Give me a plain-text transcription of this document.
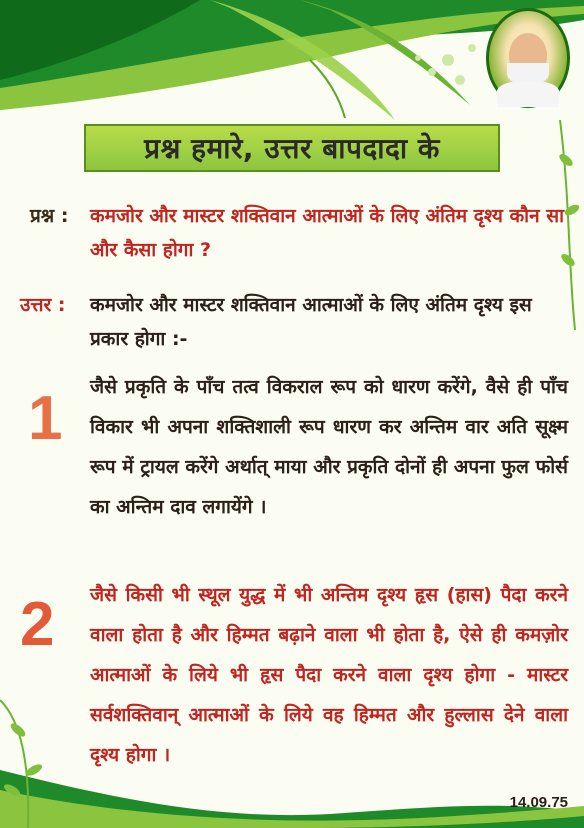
प्रश्न हमारे, उत्तर बापदादा के
प्रश्न : कमजोर और मास्टर शक्तिवान आत्माओं के लिए अंतिम दृश्य कौन सा और कैसा होगा ?
उत्तर : कमजोर और मास्टर शक्तिवान आत्माओं के लिए अंतिम दृश्य इस प्रकार होगा :-
1 जैसे प्रकृति के पाँच तत्व विकराल रूप को धारण करेंगे, वैसे ही पाँच विकार भी अपना शक्तिशाली रूप धारण कर अन्तिम वार अति सूक्ष्म रूप में ट्रायल करेंगे अर्थात् माया और प्रकृति दोनों ही अपना फुल फोर्स का अन्तिम दाव लगायेंगे ।
2 जैसे किसी भी स्थूल युद्ध में भी अन्तिम दृश्य हृस (हास) पैदा करने वाला होता है और हिम्मत बढ़ाने वाला भी होता है, ऐसे ही कमज़ोर आत्माओं के लिये भी हृस पैदा करने वाला दृश्य होगा - मास्टर सर्वशक्तिवान् आत्माओं के लिये वह हिम्मत और हुल्लास देने वाला दृश्य होगा ।
14.09.75
